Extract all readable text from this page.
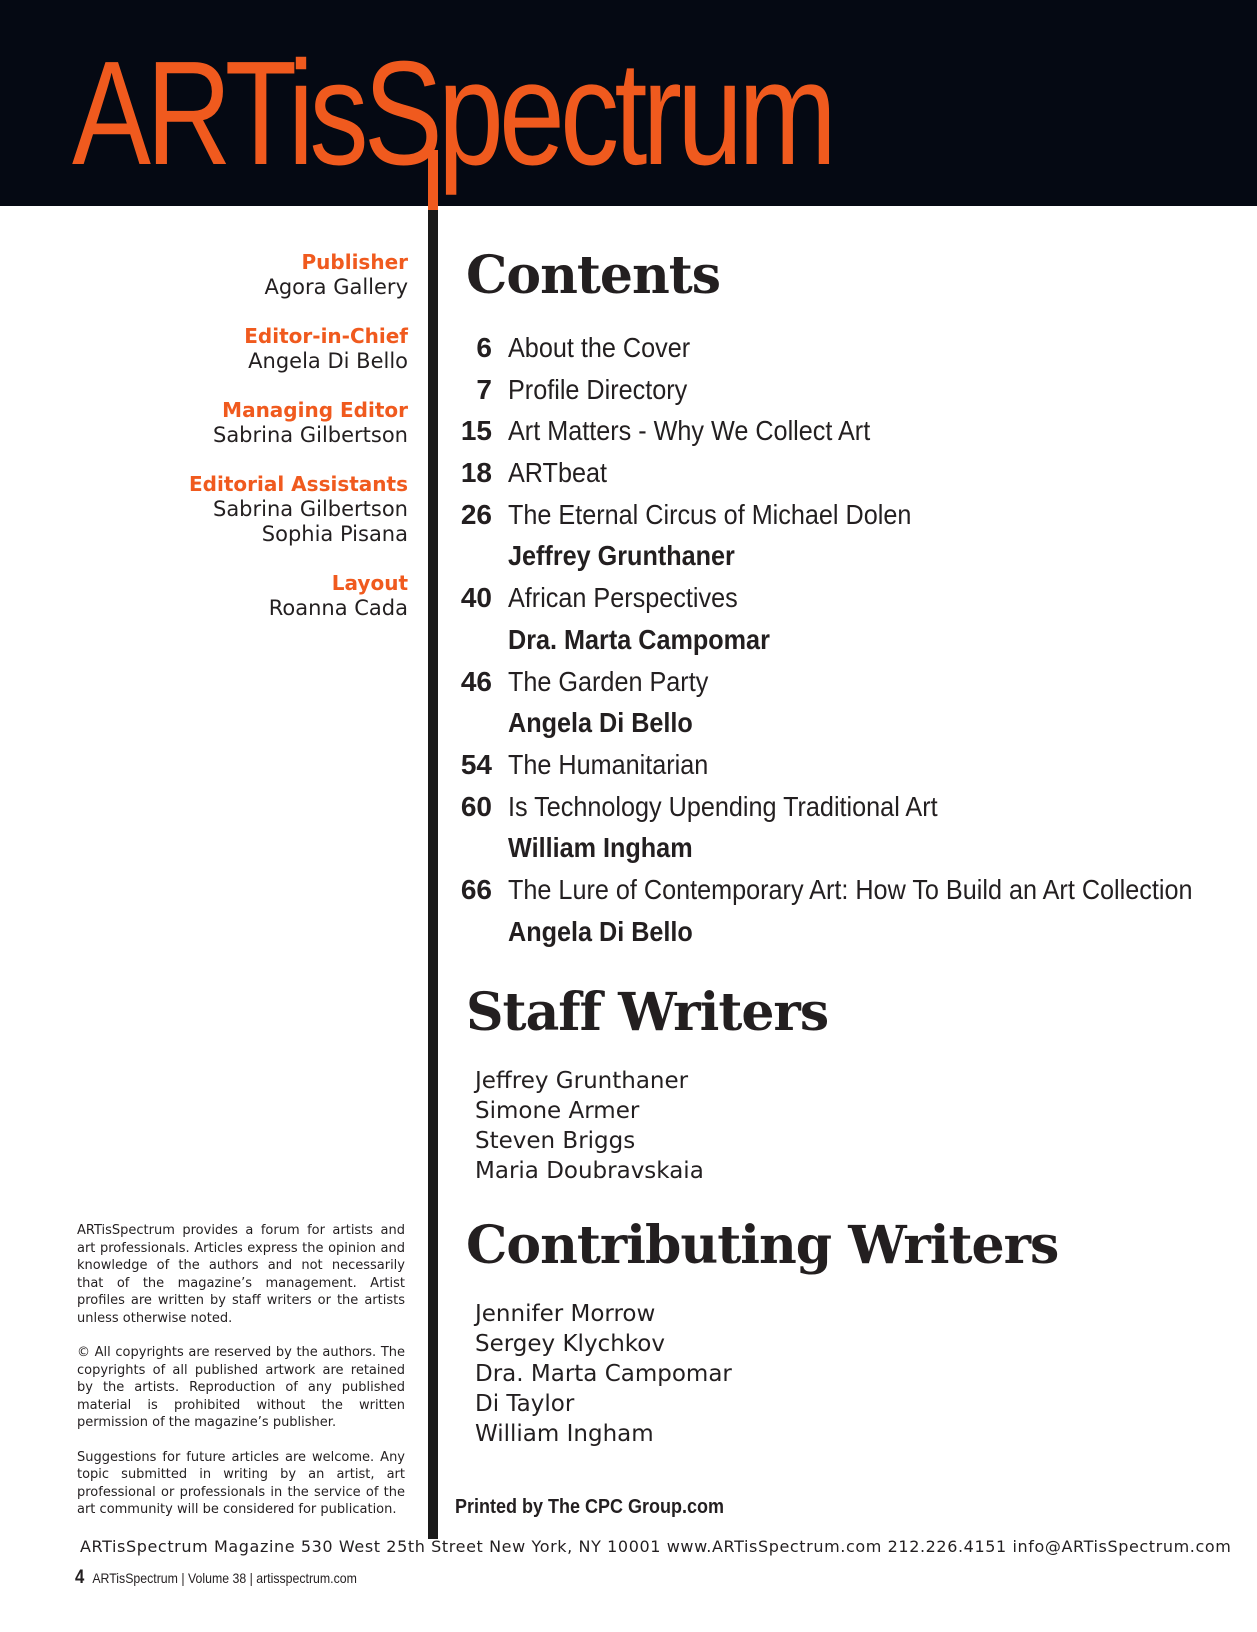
ARTisSpectrum
Publisher
Agora Gallery
Editor-in-Chief
Angela Di Bello
Managing Editor
Sabrina Gilbertson
Editorial Assistants
Sabrina Gilbertson
Sophia Pisana
Layout
Roanna Cada

ARTisSpectrum provides a forum for artists and art professionals. Articles express the opinion and knowledge of the authors and not necessarily that of the magazine’s management. Artist profiles are written by staff writers or the artists unless otherwise noted.

© All copyrights are reserved by the authors. The copyrights of all published artwork are retained by the artists. Reproduction of any published material is prohibited without the written permission of the magazine’s publisher.

Suggestions for future articles are welcome. Any topic submitted in writing by an artist, art professional or professionals in the service of the art community will be considered for publication.

Contents
6 About the Cover
7 Profile Directory
15 Art Matters - Why We Collect Art
18 ARTbeat
26 The Eternal Circus of Michael Dolen
Jeffrey Grunthaner
40 African Perspectives
Dra. Marta Campomar
46 The Garden Party
Angela Di Bello
54 The Humanitarian
60 Is Technology Upending Traditional Art
William Ingham
66 The Lure of Contemporary Art: How To Build an Art Collection
Angela Di Bello
Staff Writers
Jeffrey Grunthaner
Simone Armer
Steven Briggs
Maria Doubravskaia
Contributing Writers
Jennifer Morrow
Sergey Klychkov
Dra. Marta Campomar
Di Taylor
William Ingham
Printed by The CPC Group.com
ARTisSpectrum Magazine 530 West 25th Street New York, NY 10001 www.ARTisSpectrum.com 212.226.4151 info@ARTisSpectrum.com
4 ARTisSpectrum | Volume 38 | artisspectrum.com
